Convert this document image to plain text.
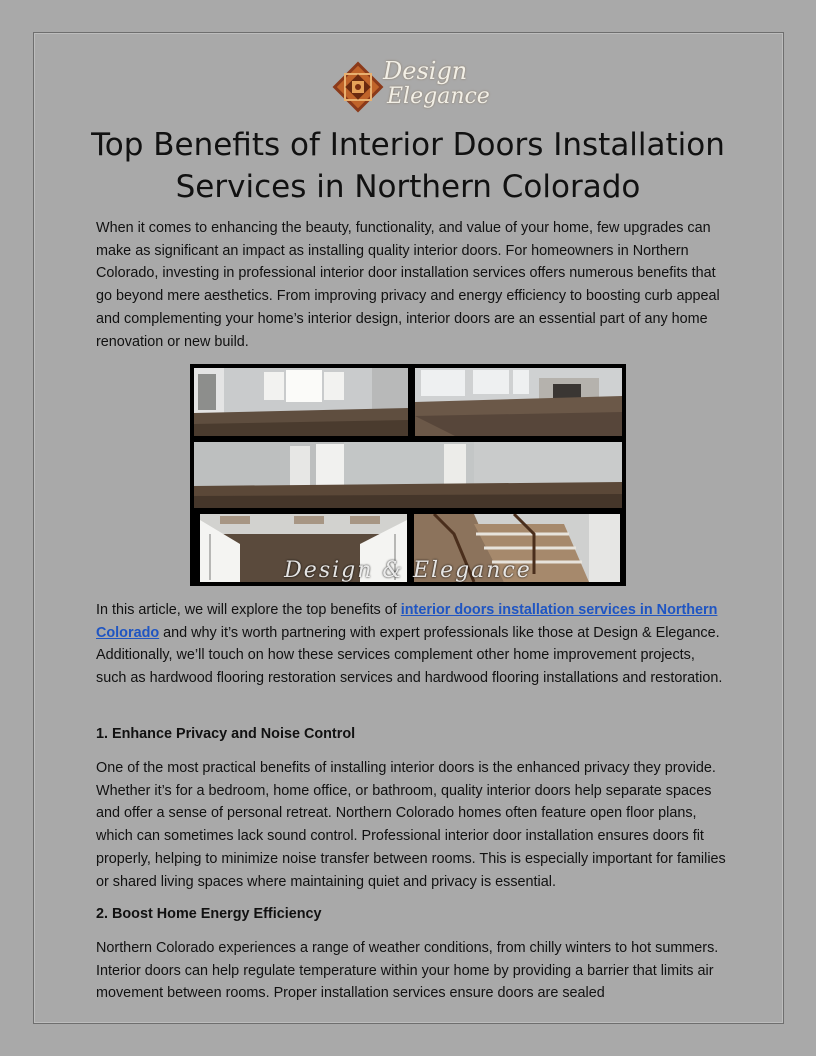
Design
Elegance
Top Benefits of Interior Doors Installation
Services in Northern Colorado

When it comes to enhancing the beauty, functionality, and value of your home, few upgrades can make as significant an impact as installing quality interior doors. For homeowners in Northern Colorado, investing in professional interior door installation services offers numerous benefits that go beyond mere aesthetics. From improving privacy and energy efficiency to boosting curb appeal and complementing your home’s interior design, interior doors are an essential part of any home renovation or new build.

Design & Elegance

In this article, we will explore the top benefits of interior doors installation services in Northern Colorado and why it’s worth partnering with expert professionals like those at Design & Elegance. Additionally, we’ll touch on how these services complement other home improvement projects, such as hardwood flooring restoration services and hardwood flooring installations and restoration.

1. Enhance Privacy and Noise Control

One of the most practical benefits of installing interior doors is the enhanced privacy they provide. Whether it’s for a bedroom, home office, or bathroom, quality interior doors help separate spaces and offer a sense of personal retreat. Northern Colorado homes often feature open floor plans, which can sometimes lack sound control. Professional interior door installation ensures doors fit properly, helping to minimize noise transfer between rooms. This is especially important for families or shared living spaces where maintaining quiet and privacy is essential.

2. Boost Home Energy Efficiency

Northern Colorado experiences a range of weather conditions, from chilly winters to hot summers. Interior doors can help regulate temperature within your home by providing a barrier that limits air movement between rooms. Proper installation services ensure doors are sealed
